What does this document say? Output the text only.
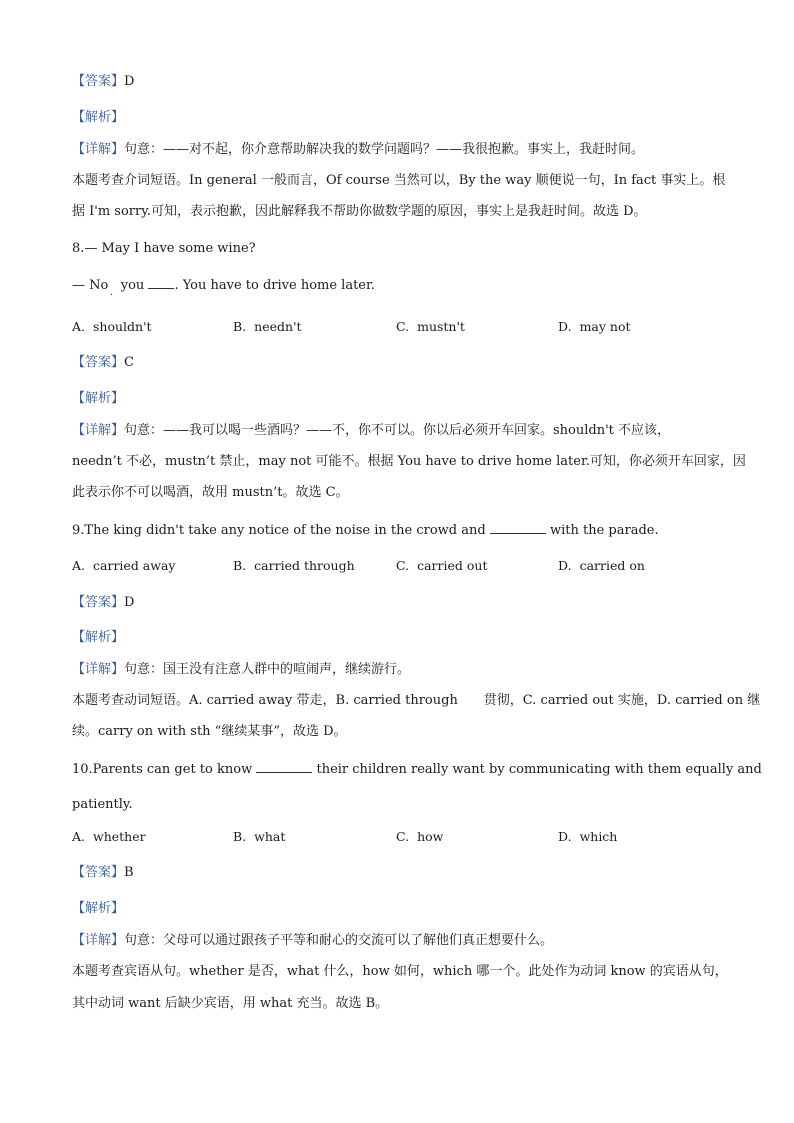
【答案】D
【解析】
【详解】句意：——对不起，你介意帮助解决我的数学问题吗？——我很抱歉。事实上，我赶时间。
本题考查介词短语。In general 一般而言，Of course 当然可以，By the way 顺便说一句，In fact 事实上。根
据 I'm sorry.可知，表示抱歉，因此解释我不帮助你做数学题的原因，事实上是我赶时间。故选 D。
8.— May I have some wine?
— No you . You have to drive home later.
·
A. shouldn't	B. needn't	C. mustn't	D. may not
【答案】C
【解析】
【详解】句意：——我可以喝一些酒吗？——不，你不可以。你以后必须开车回家。shouldn't 不应该，
needn’t 不必，mustn’t 禁止，may not 可能不。根据 You have to drive home later.可知，你必须开车回家，因
此表示你不可以喝酒，故用 mustn’t。故选 C。
9.The king didn't take any notice of the noise in the crowd and	with the parade.
A. carried away	B. carried through	C. carried out	D. carried on
【答案】D
【解析】
【详解】句意：国王没有注意人群中的喧闹声，继续游行。
本题考查动词短语。A. carried away 带走，B. carried through　　贯彻，C. carried out 实施，D. carried on 继
续。carry on with sth “继续某事”，故选 D。
10.Parents can get to know	their children really want by communicating with them equally and
patiently.
A. whether	B. what	C. how	D. which
【答案】B
【解析】
【详解】句意：父母可以通过跟孩子平等和耐心的交流可以了解他们真正想要什么。
本题考查宾语从句。whether 是否，what 什么，how 如何，which 哪一个。此处作为动词 know 的宾语从句，
其中动词 want 后缺少宾语，用 what 充当。故选 B。
